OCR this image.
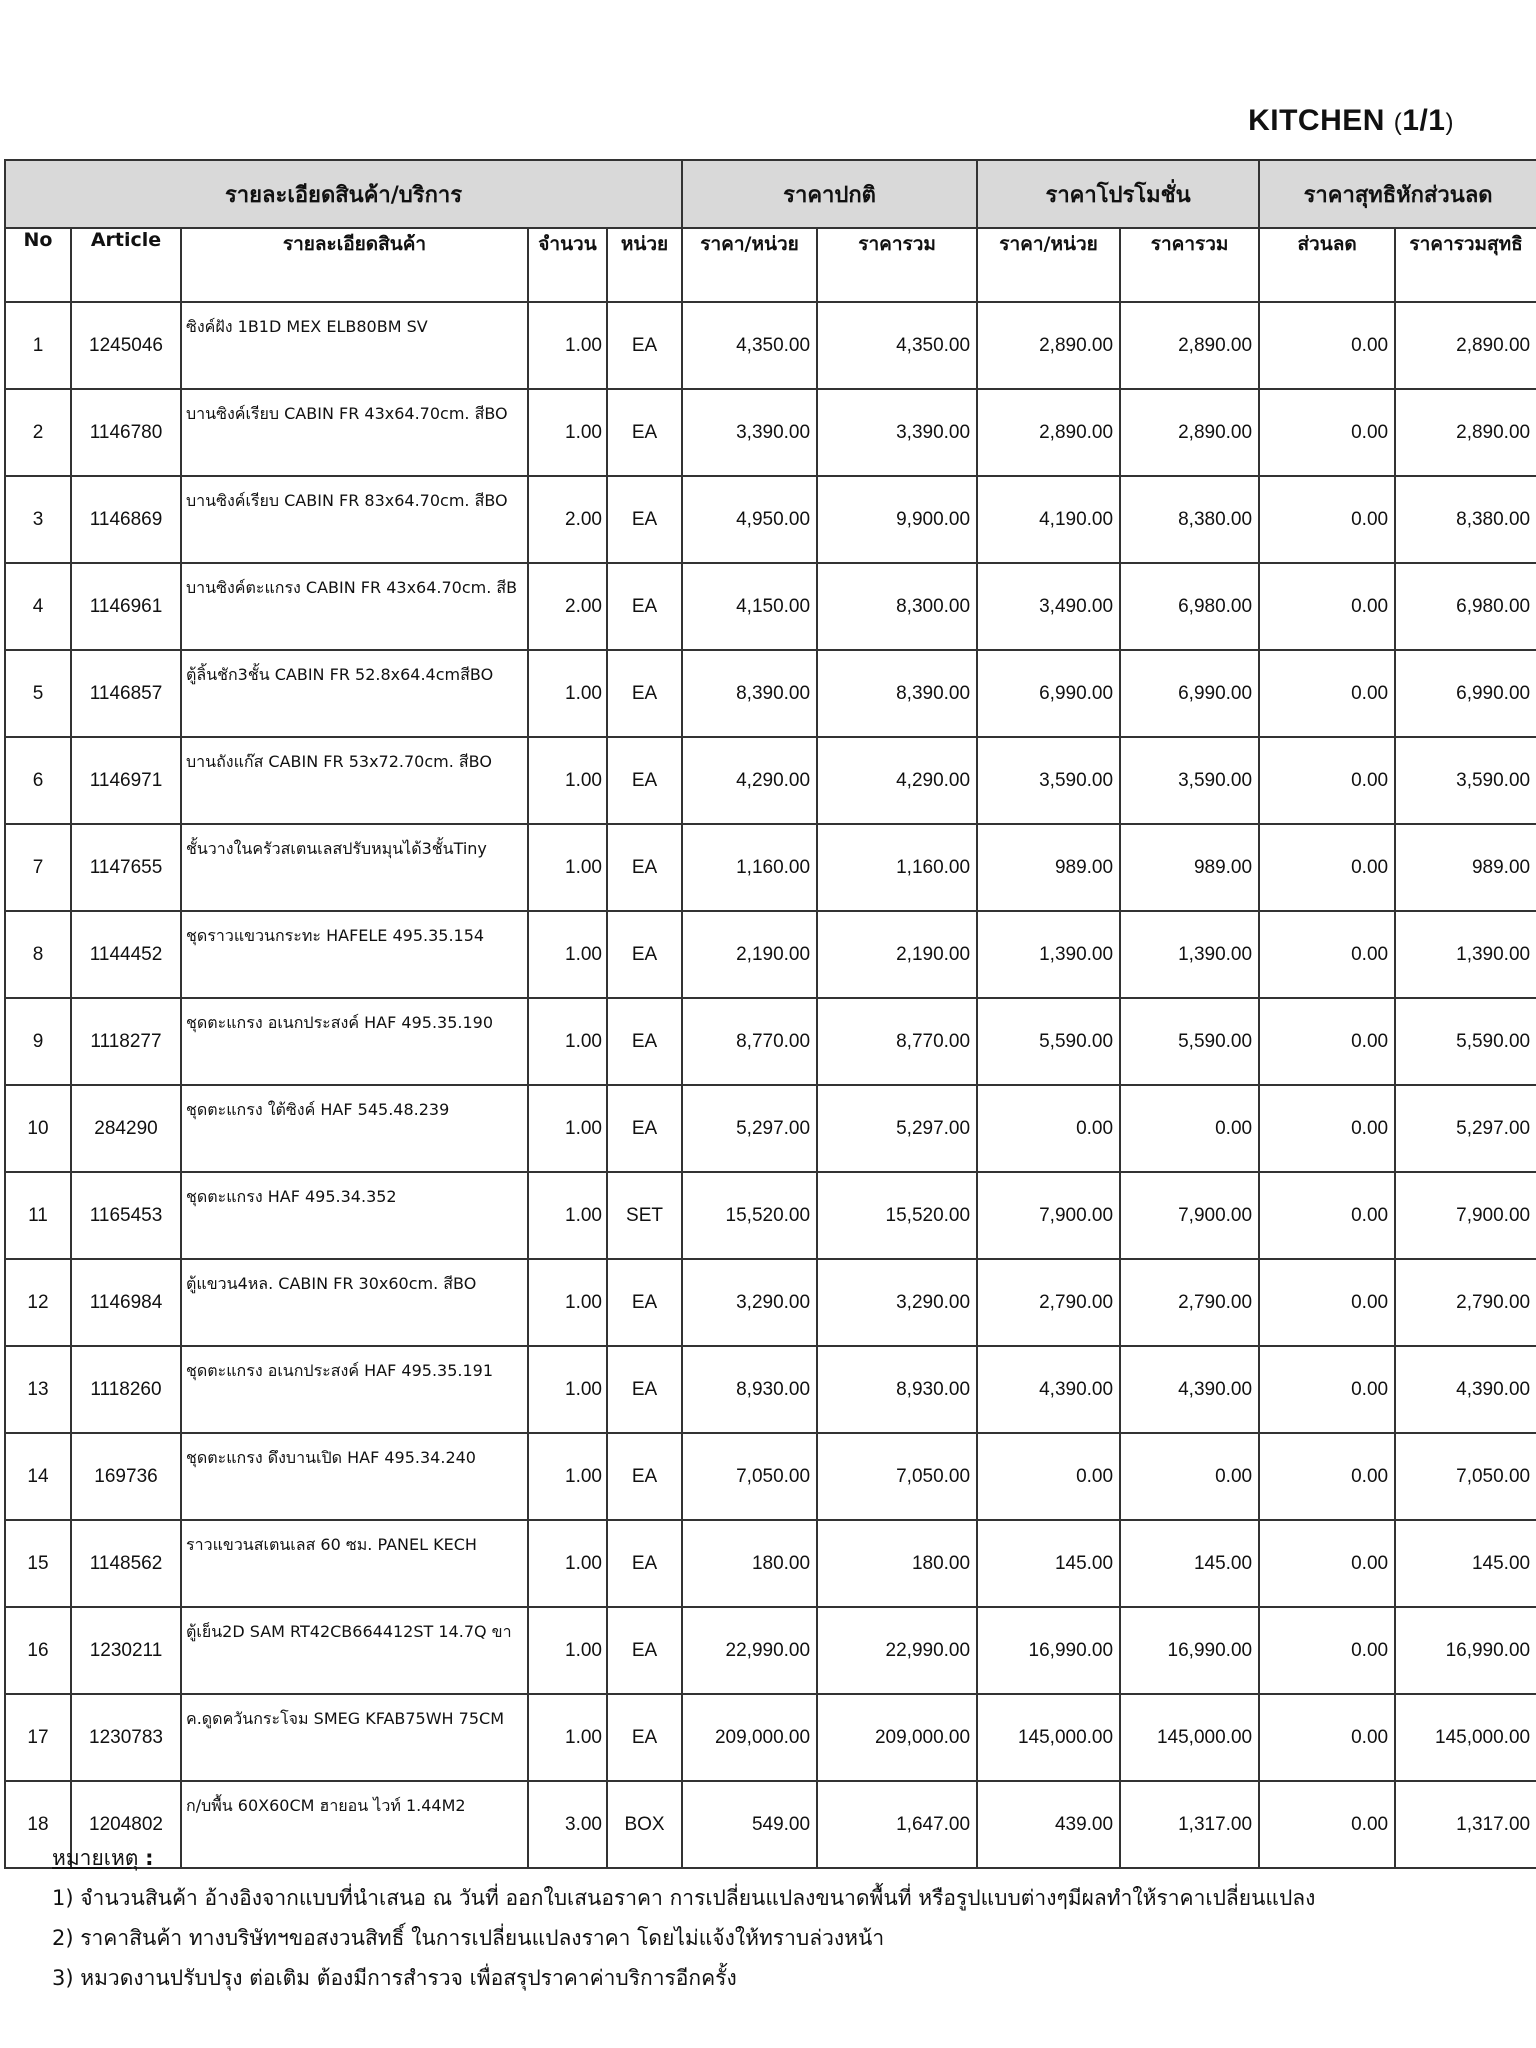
KITCHEN (1/1)
รายละเอียดสินค้า/บริการ					ราคาปกติ		ราคาโปรโมชั่น		ราคาสุทธิหักส่วนลด	
No	Article	รายละเอียดสินค้า	จำนวน	หน่วย	ราคา/หน่วย	ราคารวม	ราคา/หน่วย	ราคารวม	ส่วนลด	ราคารวมสุทธิ
1	1245046	ซิงค์ฝัง 1B1D MEX ELB80BM SV	1.00	EA	4,350.00	4,350.00	2,890.00	2,890.00	0.00	2,890.00
2	1146780	บานซิงค์เรียบ CABIN FR 43x64.70cm. สีBO	1.00	EA	3,390.00	3,390.00	2,890.00	2,890.00	0.00	2,890.00
3	1146869	บานซิงค์เรียบ CABIN FR 83x64.70cm. สีBO	2.00	EA	4,950.00	9,900.00	4,190.00	8,380.00	0.00	8,380.00
4	1146961	บานซิงค์ตะแกรง CABIN FR 43x64.70cm. สีB	2.00	EA	4,150.00	8,300.00	3,490.00	6,980.00	0.00	6,980.00
5	1146857	ตู้ลิ้นชัก3ชั้น CABIN FR 52.8x64.4cmสีBO	1.00	EA	8,390.00	8,390.00	6,990.00	6,990.00	0.00	6,990.00
6	1146971	บานถังแก๊ส CABIN FR 53x72.70cm. สีBO	1.00	EA	4,290.00	4,290.00	3,590.00	3,590.00	0.00	3,590.00
7	1147655	ชั้นวางในครัวสเตนเลสปรับหมุนได้3ชั้นTiny	1.00	EA	1,160.00	1,160.00	989.00	989.00	0.00	989.00
8	1144452	ชุดราวแขวนกระทะ HAFELE 495.35.154	1.00	EA	2,190.00	2,190.00	1,390.00	1,390.00	0.00	1,390.00
9	1118277	ชุดตะแกรง อเนกประสงค์ HAF 495.35.190	1.00	EA	8,770.00	8,770.00	5,590.00	5,590.00	0.00	5,590.00
10	284290	ชุดตะแกรง ใต้ซิงค์ HAF 545.48.239	1.00	EA	5,297.00	5,297.00	0.00	0.00	0.00	5,297.00
11	1165453	ชุดตะแกรง HAF 495.34.352	1.00	SET	15,520.00	15,520.00	7,900.00	7,900.00	0.00	7,900.00
12	1146984	ตู้แขวน4หล. CABIN FR 30x60cm. สีBO	1.00	EA	3,290.00	3,290.00	2,790.00	2,790.00	0.00	2,790.00
13	1118260	ชุดตะแกรง อเนกประสงค์ HAF 495.35.191	1.00	EA	8,930.00	8,930.00	4,390.00	4,390.00	0.00	4,390.00
14	169736	ชุดตะแกรง ดึงบานเปิด HAF 495.34.240	1.00	EA	7,050.00	7,050.00	0.00	0.00	0.00	7,050.00
15	1148562	ราวแขวนสเตนเลส 60 ซม. PANEL KECH	1.00	EA	180.00	180.00	145.00	145.00	0.00	145.00
16	1230211	ตู้เย็น2D SAM RT42CB664412ST 14.7Q ขา	1.00	EA	22,990.00	22,990.00	16,990.00	16,990.00	0.00	16,990.00
17	1230783	ค.ดูดควันกระโจม SMEG KFAB75WH 75CM	1.00	EA	209,000.00	209,000.00	145,000.00	145,000.00	0.00	145,000.00
18	1204802	ก/บพื้น 60X60CM ฮายอน ไวท์ 1.44M2	3.00	BOX	549.00	1,647.00	439.00	1,317.00	0.00	1,317.00
หมายเหตุ :
1) จำนวนสินค้า อ้างอิงจากแบบที่นำเสนอ ณ วันที่ ออกใบเสนอราคา การเปลี่ยนแปลงขนาดพื้นที่ หรือรูปแบบต่างๆมีผลทำให้ราคาเปลี่ยนแปลง
2) ราคาสินค้า ทางบริษัทฯขอสงวนสิทธิ์ ในการเปลี่ยนแปลงราคา โดยไม่แจ้งให้ทราบล่วงหน้า
3) หมวดงานปรับปรุง ต่อเติม ต้องมีการสำรวจ เพื่อสรุปราคาค่าบริการอีกครั้ง
